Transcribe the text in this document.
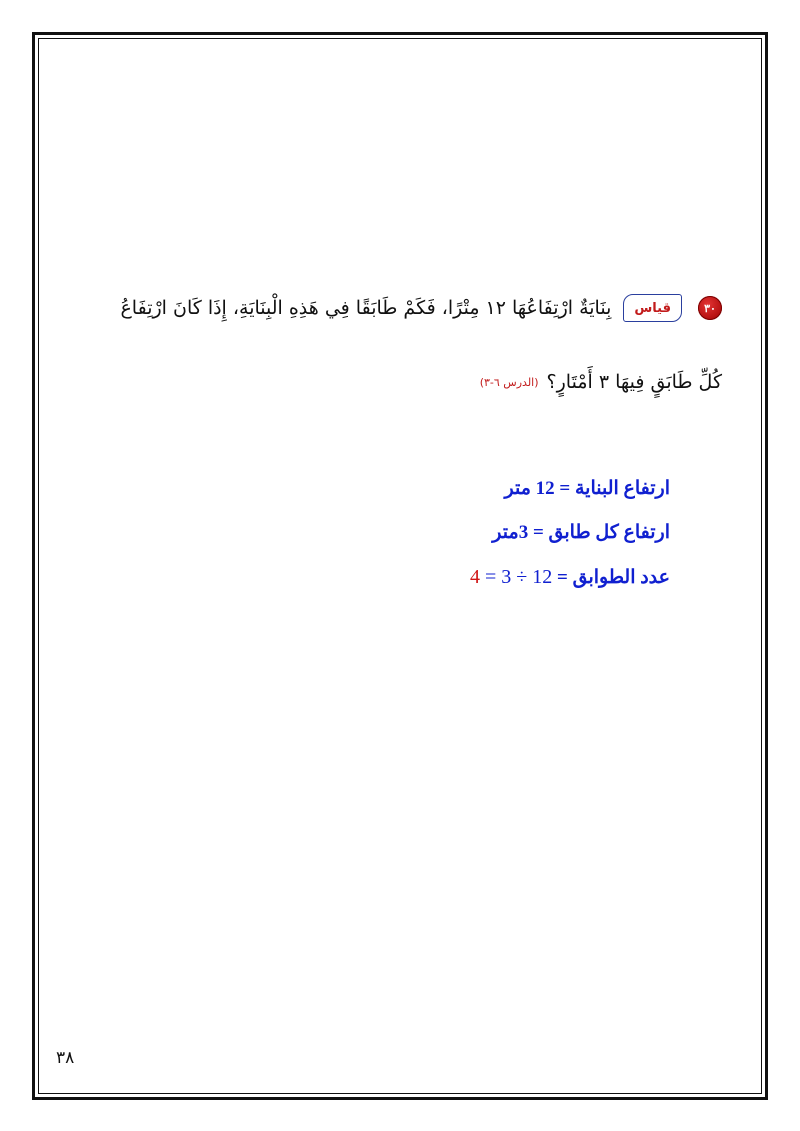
٣٠
قياس
بِنَايَةٌ ارْتِفَاعُهَا ١٢ مِتْرًا، فَكَمْ طَابَقًا فِي هَذِهِ الْبِنَايَةِ، إِذَا كَانَ ارْتِفَاعُ
كُلِّ طَابَقٍ فِيهَا ٣ أَمْتَارٍ؟
(الدرس ٦-٣)
ارتفاع البناية = 12 متر
ارتفاع كل طابق = 3متر
عدد الطوابق = 4 = 3 ÷ 12
٣٨
